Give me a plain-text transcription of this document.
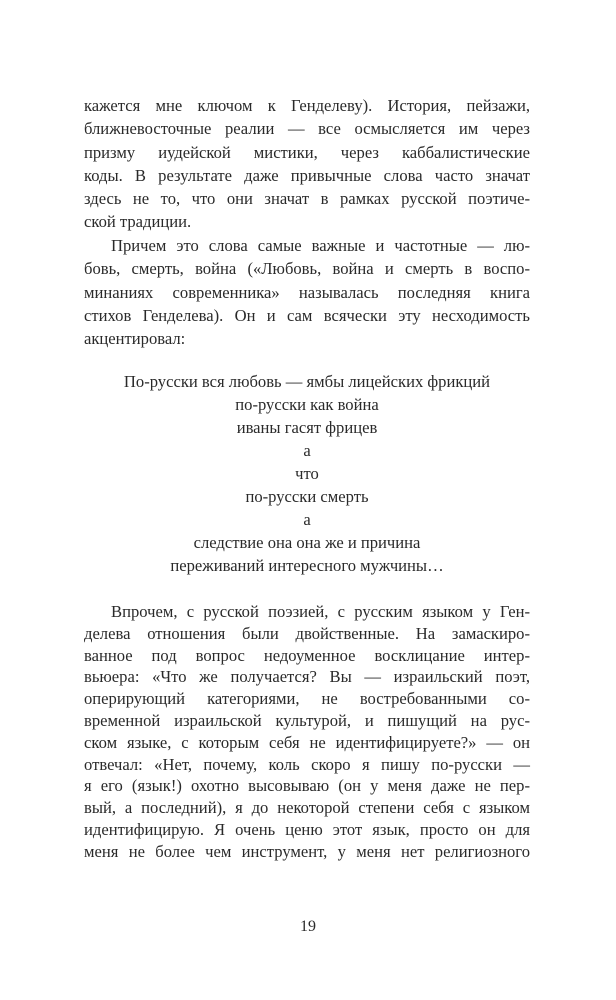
кажется мне ключом к Генделеву). История, пейзажи,
ближневосточные реалии — все осмысляется им через
призму иудейской мистики, через каббалистические
коды. В результате даже привычные слова часто значат
здесь не то, что они значат в рамках русской поэтиче-
ской традиции.
Причем это слова самые важные и частотные — лю-
бовь, смерть, война («Любовь, война и смерть в воспо-
минаниях современника» называлась последняя книга
стихов Генделева). Он и сам всячески эту несходимость
акцентировал:
По-русски вся любовь — ямбы лицейских фрикций
по-русски как война
иваны гасят фрицев
а
что
по-русски смерть
а
следствие она она же и причина
переживаний интересного мужчины…
Впрочем, с русской поэзией, с русским языком у Ген-
делева отношения были двойственные. На замаскиро-
ванное под вопрос недоуменное восклицание интер-
вьюера: «Что же получается? Вы — израильский поэт,
оперирующий категориями, не востребованными со-
временной израильской культурой, и пишущий на рус-
ском языке, с которым себя не идентифицируете?» — он
отвечал: «Нет, почему, коль скоро я пишу по-русски —
я его (язык!) охотно высовываю (он у меня даже не пер-
вый, а последний), я до некоторой степени себя с языком
идентифицирую. Я очень ценю этот язык, просто он для
меня не более чем инструмент, у меня нет религиозного
19
